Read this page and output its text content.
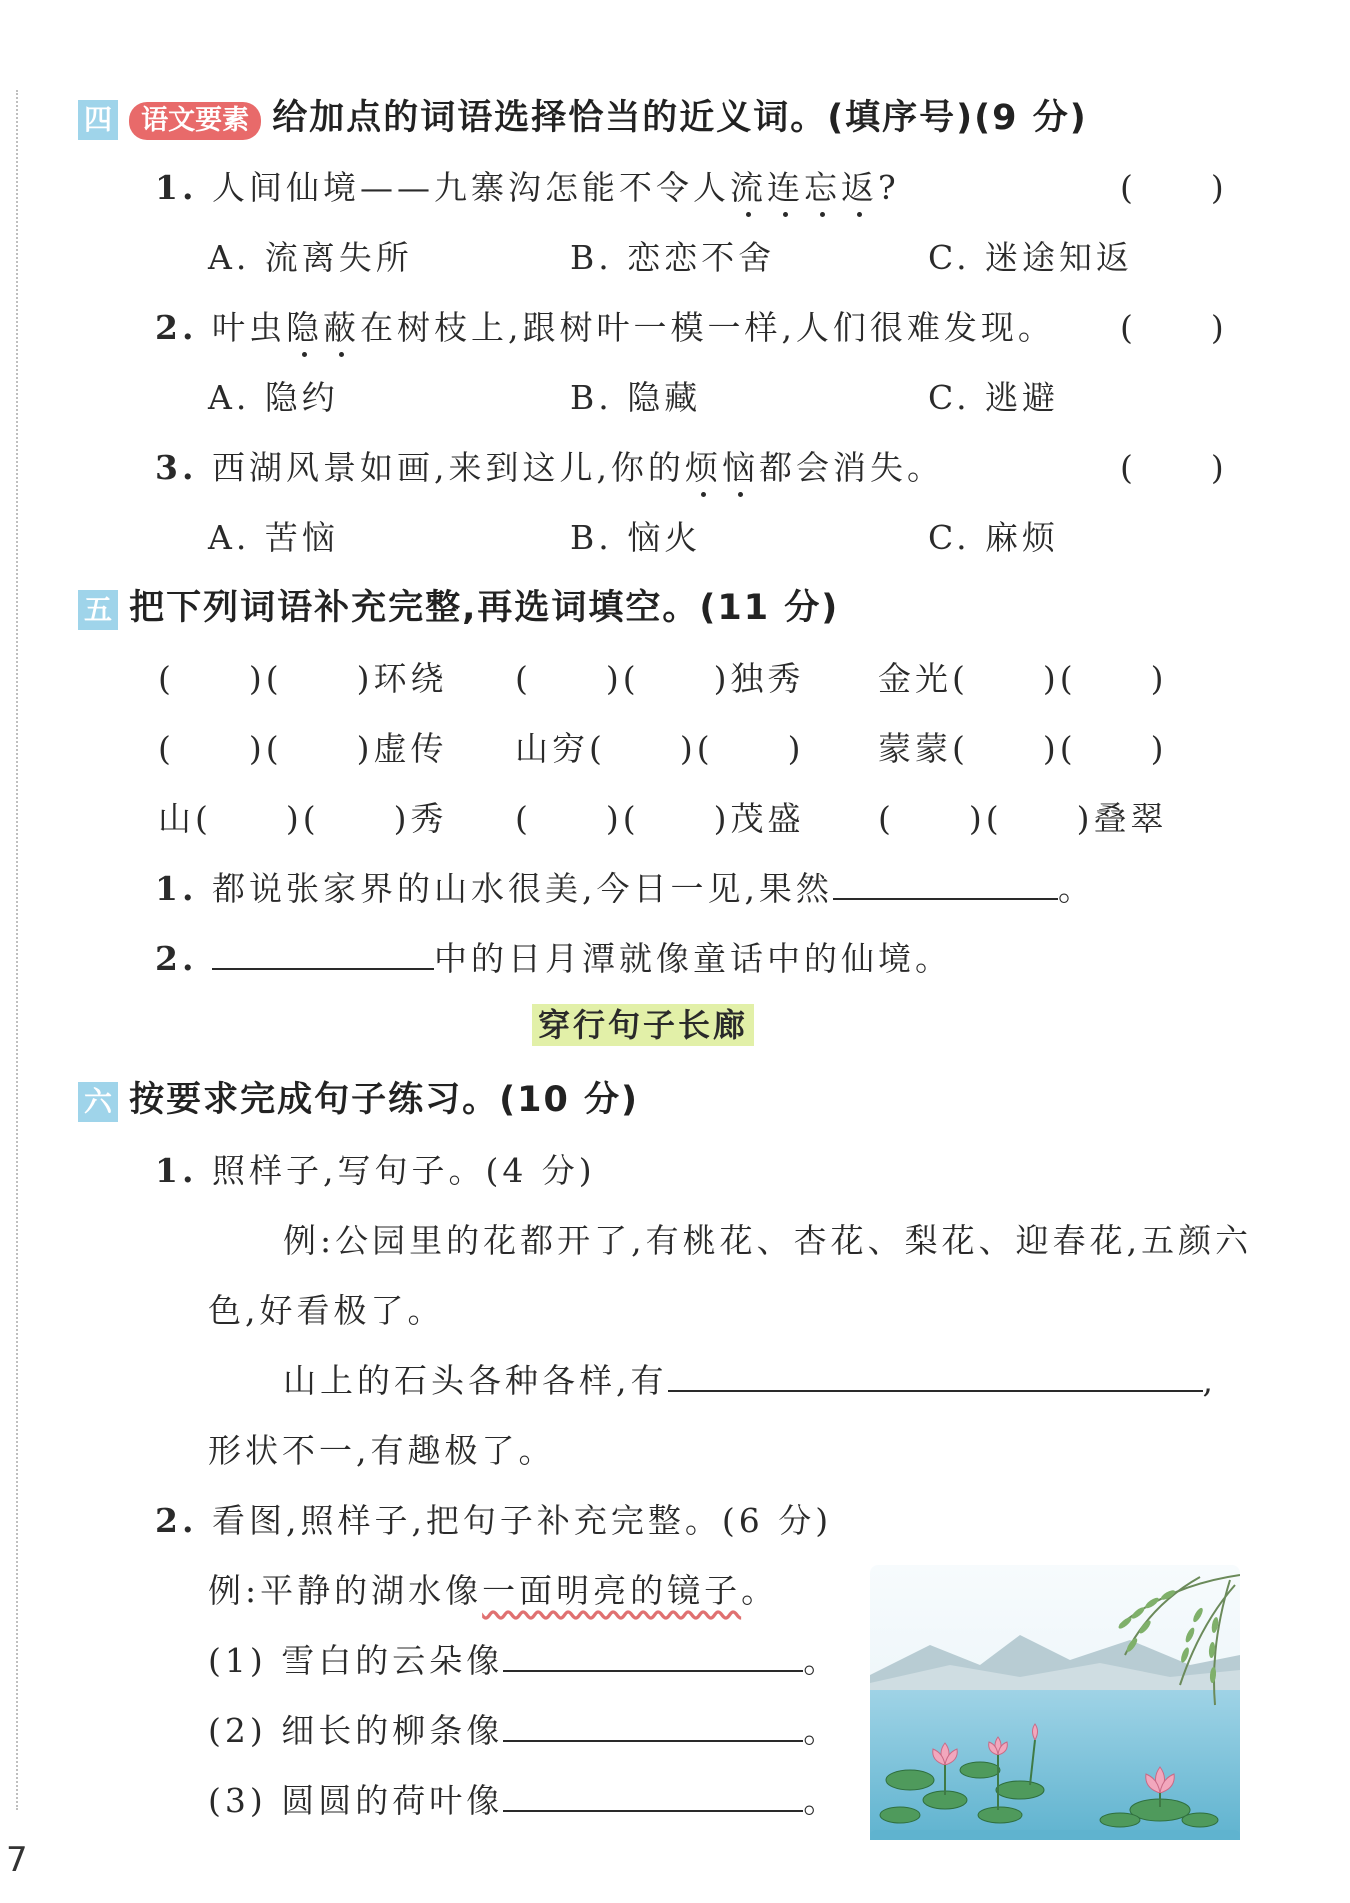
四 语文要素 给加点的词语选择恰当的近义词。(填序号)(9 分)
1. 人间仙境——九寨沟怎能不令人流连忘返?	(　　)
A. 流离失所	B. 恋恋不舍	C. 迷途知返
2. 叶虫隐蔽在树枝上,跟树叶一模一样,人们很难发现。 (　　)
A. 隐约	B. 隐藏	C. 逃避
3. 西湖风景如画,来到这儿,你的烦恼都会消失。	(　　)
A. 苦恼	B. 恼火	C. 麻烦
五 把下列词语补充完整,再选词填空。(11 分)
(　　)(　　)环绕 (　　)(　　)独秀 金光(　　)(　　)
(　　)(　　)虚传 山穷(　　)(　　) 蒙蒙(　　)(　　)
山(　　)(　　)秀 (　　)(　　)茂盛 (　　)(　　)叠翠
1. 都说张家界的山水很美,今日一见,果然	。
2.	中的日月潭就像童话中的仙境。
穿行句子长廊
六 按要求完成句子练习。(10 分)
1. 照样子,写句子。(4 分)
例:公园里的花都开了,有桃花、杏花、梨花、迎春花,五颜六
色,好看极了。
山上的石头各种各样,有	,
形状不一,有趣极了。
2. 看图,照样子,把句子补充完整。(6 分)
例:平静的湖水像一面明亮的镜子。
(1) 雪白的云朵像	。
(2) 细长的柳条像	。
(3) 圆圆的荷叶像	。
7
